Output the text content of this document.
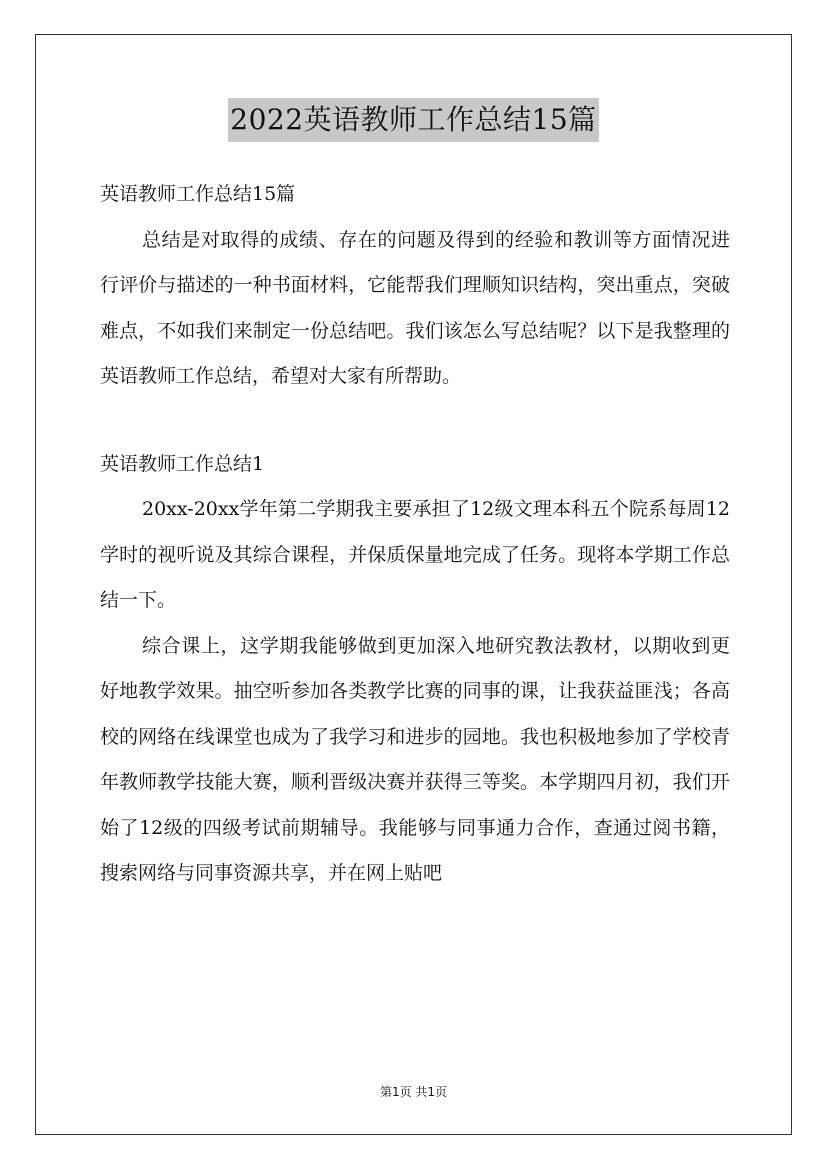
2022英语教师工作总结15篇

英语教师工作总结15篇

总结是对取得的成绩、存在的问题及得到的经验和教训等方面情况进行评价与描述的一种书面材料，它能帮我们理顺知识结构，突出重点，突破难点，不如我们来制定一份总结吧。我们该怎么写总结呢？以下是我整理的英语教师工作总结，希望对大家有所帮助。

英语教师工作总结1

20xx-20xx学年第二学期我主要承担了12级文理本科五个院系每周12学时的视听说及其综合课程，并保质保量地完成了任务。现将本学期工作总结一下。

综合课上，这学期我能够做到更加深入地研究教法教材，以期收到更好地教学效果。抽空听参加各类教学比赛的同事的课，让我获益匪浅；各高校的网络在线课堂也成为了我学习和进步的园地。我也积极地参加了学校青年教师教学技能大赛，顺利晋级决赛并获得三等奖。本学期四月初，我们开始了12级的四级考试前期辅导。我能够与同事通力合作，查通过阅书籍，搜索网络与同事资源共享，并在网上贴吧

第1页 共1页
